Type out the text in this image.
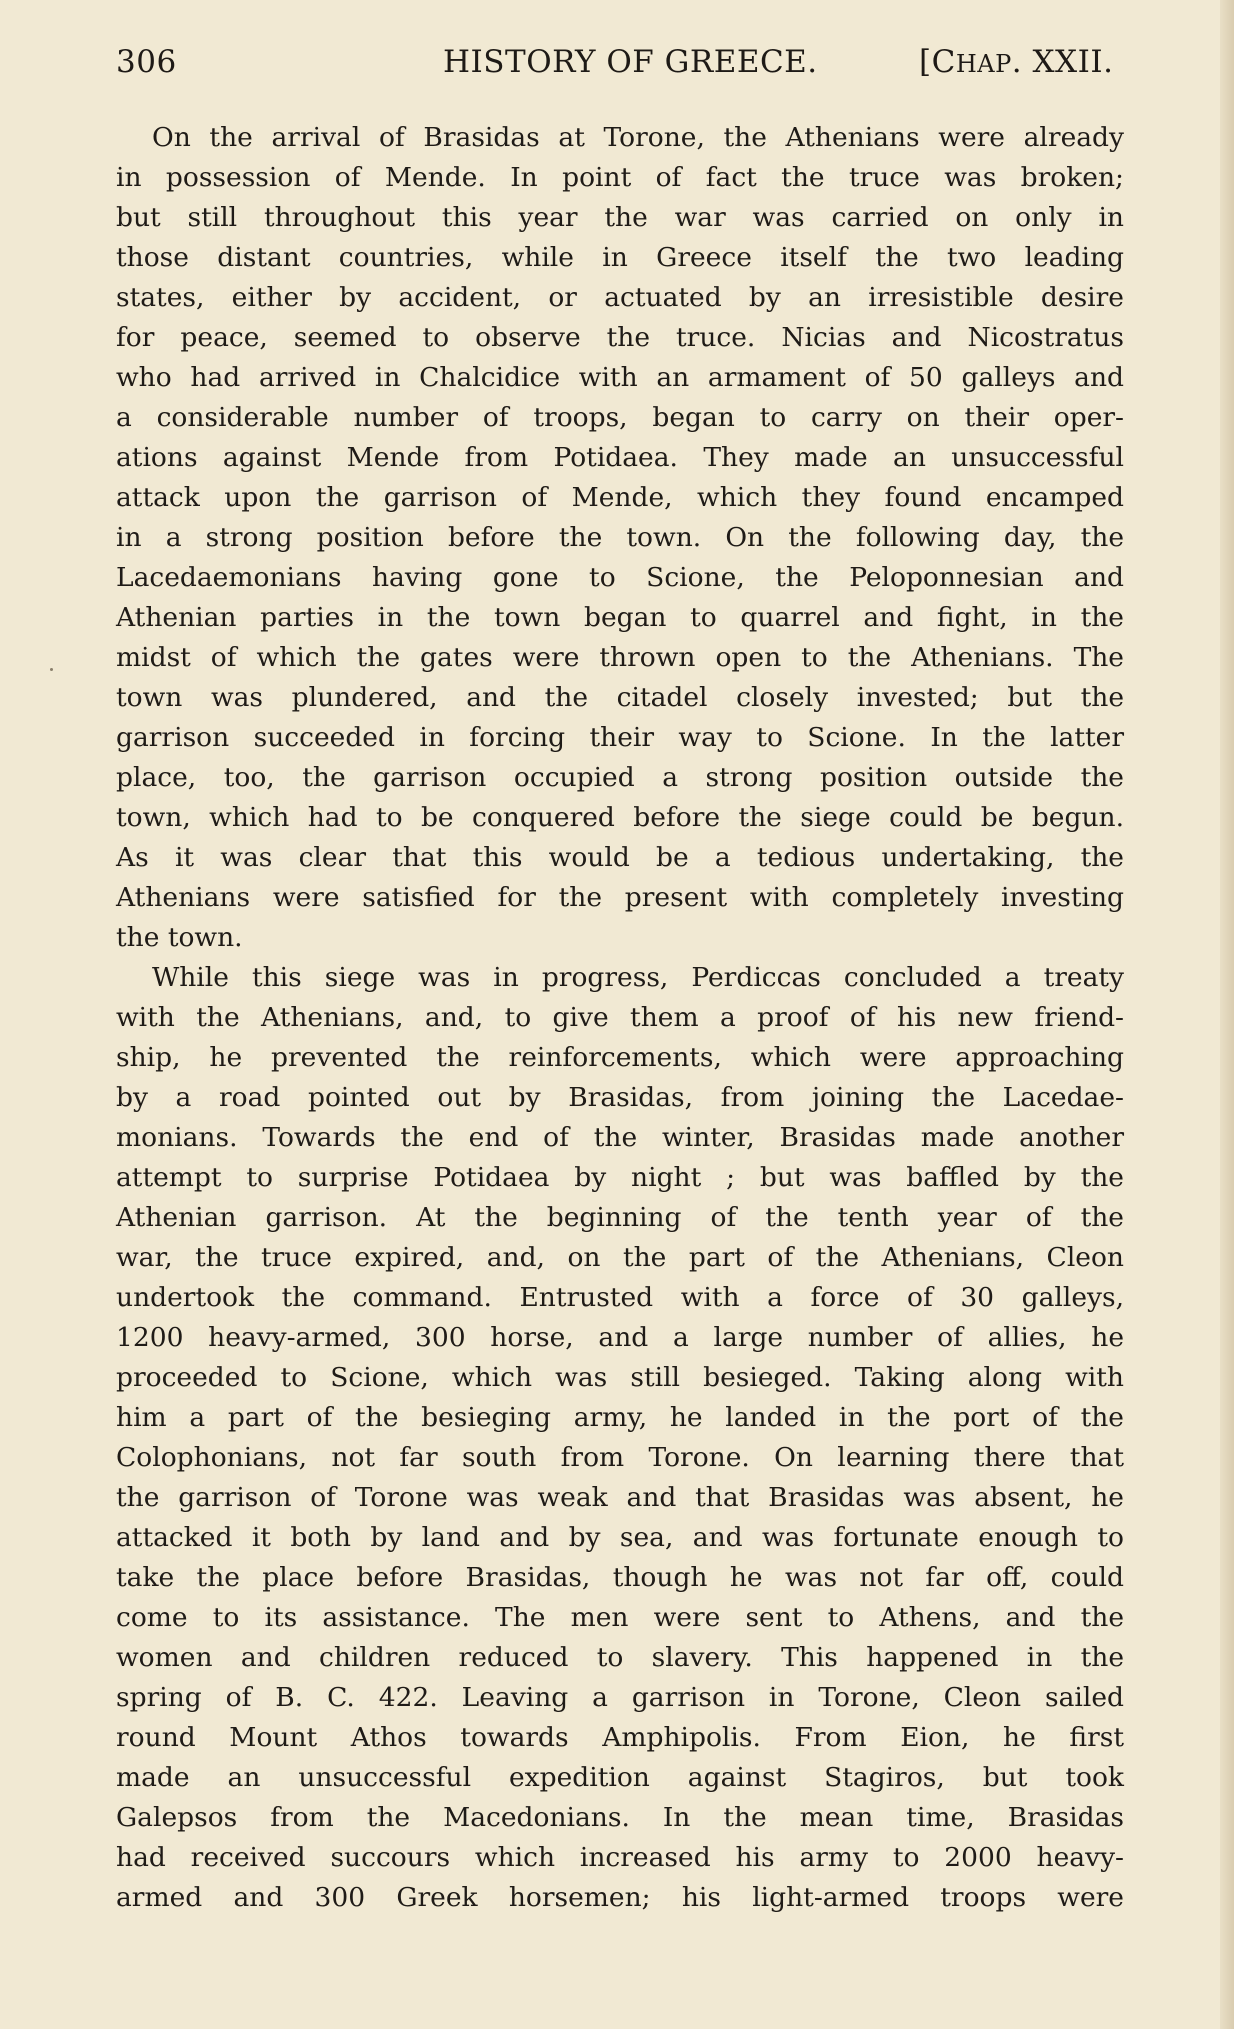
306	HISTORY OF GREECE.	[CHAP. XXII.
On the arrival of Brasidas at Torone, the Athenians were already
in possession of Mende. In point of fact the truce was broken;
but still throughout this year the war was carried on only in
those distant countries, while in Greece itself the two leading
states, either by accident, or actuated by an irresistible desire
for peace, seemed to observe the truce. Nicias and Nicostratus
who had arrived in Chalcidice with an armament of 50 galleys and
a considerable number of troops, began to carry on their oper-
ations against Mende from Potidaea. They made an unsuccessful
attack upon the garrison of Mende, which they found encamped
in a strong position before the town. On the following day, the
Lacedaemonians having gone to Scione, the Peloponnesian and
Athenian parties in the town began to quarrel and fight, in the
midst of which the gates were thrown open to the Athenians. The
town was plundered, and the citadel closely invested; but the
garrison succeeded in forcing their way to Scione. In the latter
place, too, the garrison occupied a strong position outside the
town, which had to be conquered before the siege could be begun.
As it was clear that this would be a tedious undertaking, the
Athenians were satisfied for the present with completely investing
the town.
While this siege was in progress, Perdiccas concluded a treaty
with the Athenians, and, to give them a proof of his new friend-
ship, he prevented the reinforcements, which were approaching
by a road pointed out by Brasidas, from joining the Lacedae-
monians. Towards the end of the winter, Brasidas made another
attempt to surprise Potidaea by night ; but was baffled by the
Athenian garrison. At the beginning of the tenth year of the
war, the truce expired, and, on the part of the Athenians, Cleon
undertook the command. Entrusted with a force of 30 galleys,
1200 heavy-armed, 300 horse, and a large number of allies, he
proceeded to Scione, which was still besieged. Taking along with
him a part of the besieging army, he landed in the port of the
Colophonians, not far south from Torone. On learning there that
the garrison of Torone was weak and that Brasidas was absent, he
attacked it both by land and by sea, and was fortunate enough to
take the place before Brasidas, though he was not far off, could
come to its assistance. The men were sent to Athens, and the
women and children reduced to slavery. This happened in the
spring of B. C. 422. Leaving a garrison in Torone, Cleon sailed
round Mount Athos towards Amphipolis. From Eion, he first
made an unsuccessful expedition against Stagiros, but took
Galepsos from the Macedonians. In the mean time, Brasidas
had received succours which increased his army to 2000 heavy-
armed and 300 Greek horsemen; his light-armed troops were
